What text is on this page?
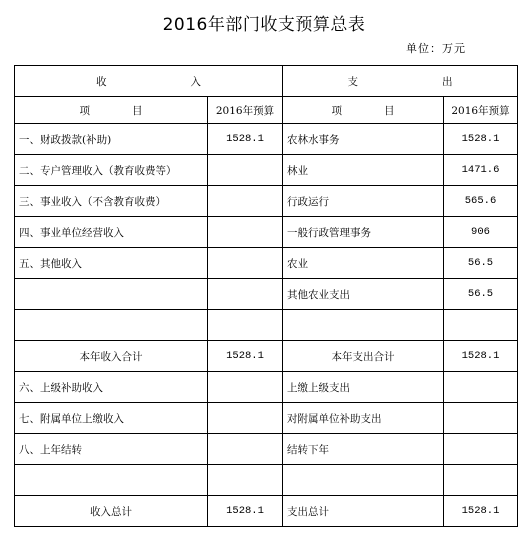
2016年部门收支预算总表
单位：万元
收　　　　　　　　入		支　　　　　　　　出	
项　　　　目	2016年预算	项　　　　目	2016年预算
一、财政拨款(补助)	1528.1	农林水事务	1528.1
二、专户管理收入（教育收费等）		林业	1471.6
三、事业收入（不含教育收费）		行政运行	565.6
四、事业单位经营收入		一般行政管理事务	906
五、其他收入		农业	56.5
		其他农业支出	56.5

本年收入合计	1528.1	本年支出合计	1528.1
六、上级补助收入		上缴上级支出	
七、附属单位上缴收入		对附属单位补助支出	
八、上年结转		结转下年	

收入总计	1528.1	支出总计	1528.1
